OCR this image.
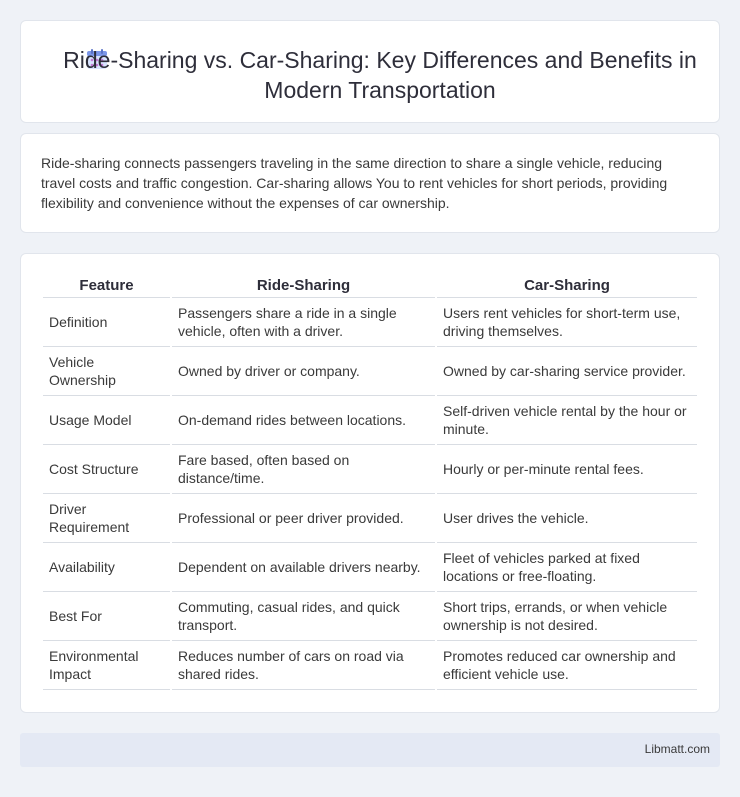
Ride-Sharing vs. Car-Sharing: Key Differences and Benefits in Modern Transportation

Ride-sharing connects passengers traveling in the same direction to share a single vehicle, reducing travel costs and traffic congestion. Car-sharing allows You to rent vehicles for short periods, providing flexibility and convenience without the expenses of car ownership.

Feature	Ride-Sharing	Car-Sharing
Definition	Passengers share a ride in a single vehicle, often with a driver.	Users rent vehicles for short-term use, driving themselves.
Vehicle Ownership	Owned by driver or company.	Owned by car-sharing service provider.
Usage Model	On-demand rides between locations.	Self-driven vehicle rental by the hour or minute.
Cost Structure	Fare based, often based on distance/time.	Hourly or per-minute rental fees.
Driver Requirement	Professional or peer driver provided.	User drives the vehicle.
Availability	Dependent on available drivers nearby.	Fleet of vehicles parked at fixed locations or free-floating.
Best For	Commuting, casual rides, and quick transport.	Short trips, errands, or when vehicle ownership is not desired.
Environmental Impact	Reduces number of cars on road via shared rides.	Promotes reduced car ownership and efficient vehicle use.
Libmatt.com
